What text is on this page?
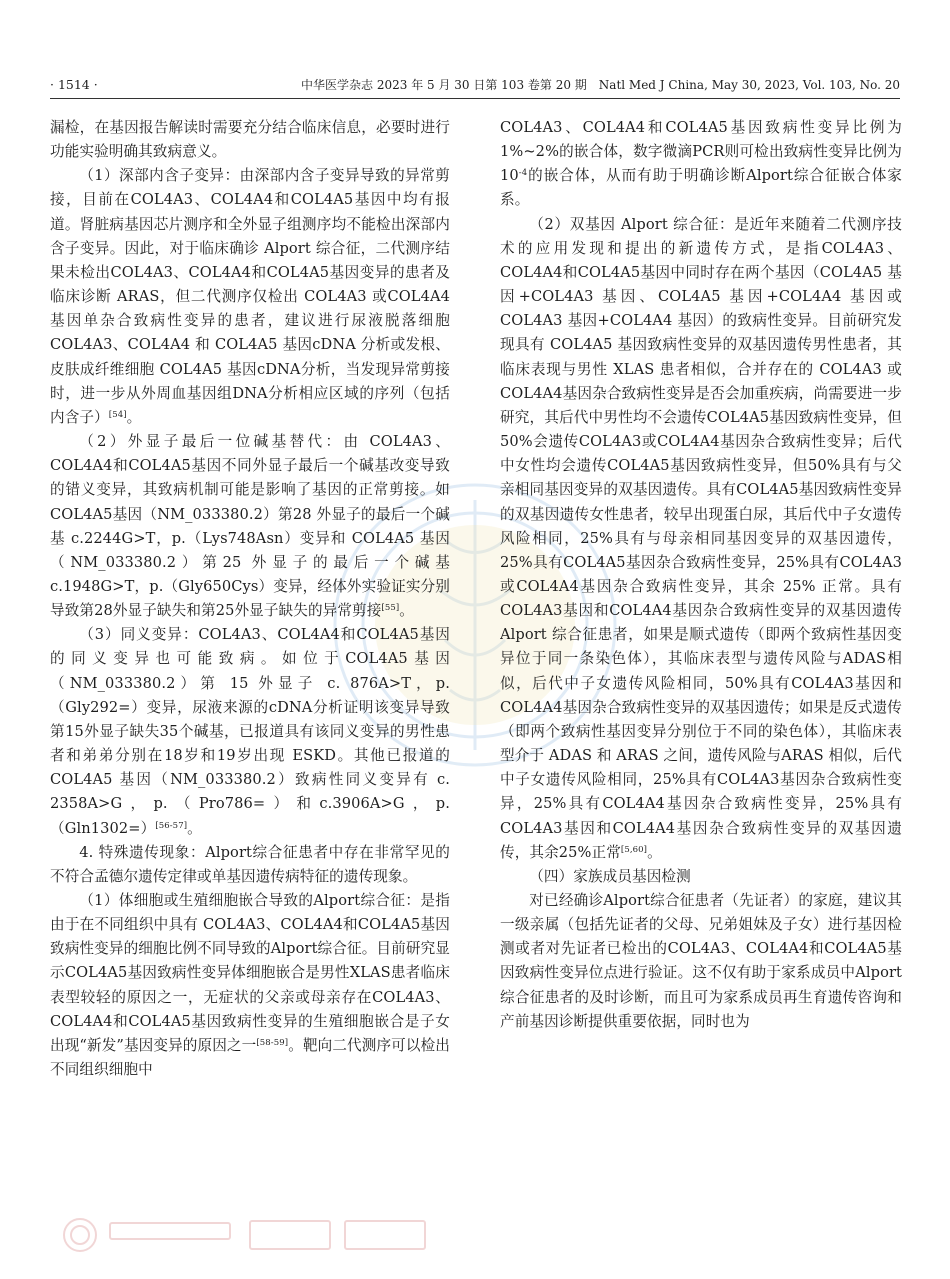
· 1514 ·	中华医学杂志 2023 年 5 月 30 日第 103 卷第 20 期　Natl Med J China, May 30, 2023, Vol. 103, No. 20

漏检，在基因报告解读时需要充分结合临床信息，必要时进行功能实验明确其致病意义。

（1）深部内含子变异：由深部内含子变异导致的异常剪接，目前在COL4A3、COL4A4和COL4A5基因中均有报道。肾脏病基因芯片测序和全外显子组测序均不能检出深部内含子变异。因此，对于临床确诊 Alport 综合征，二代测序结果未检出COL4A3、COL4A4和COL4A5基因变异的患者及临床诊断 ARAS，但二代测序仅检出 COL4A3 或COL4A4基因单杂合致病性变异的患者，建议进行尿液脱落细胞 COL4A3、COL4A4 和 COL4A5 基因cDNA 分析或发根、皮肤成纤维细胞 COL4A5 基因cDNA分析，当发现异常剪接时，进一步从外周血基因组DNA分析相应区域的序列（包括内含子）[54]。

（2）外显子最后一位碱基替代：由 COL4A3、COL4A4和COL4A5基因不同外显子最后一个碱基改变导致的错义变异，其致病机制可能是影响了基因的正常剪接。如COL4A5基因（NM_033380.2）第28 外显子的最后一个碱基 c.2244G>T，p.（Lys748Asn）变异和 COL4A5 基因（NM_033380.2）第25 外显子的最后一个碱基 c.1948G>T，p.（Gly650Cys）变异，经体外实验证实分别导致第28外显子缺失和第25外显子缺失的异常剪接[55]。

（3）同义变异：COL4A3、COL4A4和COL4A5基因的同义变异也可能致病。如位于COL4A5基因（NM_033380.2）第 15 外显子 c. 876A>T，p.（Gly292=）变异，尿液来源的cDNA分析证明该变异导致第15外显子缺失35个碱基，已报道具有该同义变异的男性患者和弟弟分别在18岁和19岁出现 ESKD。其他已报道的 COL4A5 基因（NM_033380.2）致病性同义变异有 c. 2358A>G，p.（Pro786=）和c.3906A>G，p.（Gln1302=）[56-57]。

4. 特殊遗传现象：Alport综合征患者中存在非常罕见的不符合孟德尔遗传定律或单基因遗传病特征的遗传现象。

（1）体细胞或生殖细胞嵌合导致的Alport综合征：是指由于在不同组织中具有 COL4A3、COL4A4和COL4A5基因致病性变异的细胞比例不同导致的Alport综合征。目前研究显示COL4A5基因致病性变异体细胞嵌合是男性XLAS患者临床表型较轻的原因之一，无症状的父亲或母亲存在COL4A3、COL4A4和COL4A5基因致病性变异的生殖细胞嵌合是子女出现“新发”基因变异的原因之一[58-59]。靶向二代测序可以检出不同组织细胞中

COL4A3、COL4A4和COL4A5基因致病性变异比例为1%~2%的嵌合体，数字微滴PCR则可检出致病性变异比例为$10^{-4}$的嵌合体，从而有助于明确诊断Alport综合征嵌合体家系。

（2）双基因 Alport 综合征：是近年来随着二代测序技术的应用发现和提出的新遗传方式，是指COL4A3、COL4A4和COL4A5基因中同时存在两个基因（COL4A5 基因+COL4A3 基因、COL4A5 基因+COL4A4 基因或 COL4A3 基因+COL4A4 基因）的致病性变异。目前研究发现具有 COL4A5 基因致病性变异的双基因遗传男性患者，其临床表现与男性 XLAS 患者相似，合并存在的 COL4A3 或COL4A4基因杂合致病性变异是否会加重疾病，尚需要进一步研究，其后代中男性均不会遗传COL4A5基因致病性变异，但50%会遗传COL4A3或COL4A4基因杂合致病性变异；后代中女性均会遗传COL4A5基因致病性变异，但50%具有与父亲相同基因变异的双基因遗传。具有COL4A5基因致病性变异的双基因遗传女性患者，较早出现蛋白尿，其后代中子女遗传风险相同，25%具有与母亲相同基因变异的双基因遗传，25%具有COL4A5基因杂合致病性变异，25%具有COL4A3或COL4A4基因杂合致病性变异，其余 25% 正常。具有COL4A3基因和COL4A4基因杂合致病性变异的双基因遗传 Alport 综合征患者，如果是顺式遗传（即两个致病性基因变异位于同一条染色体），其临床表型与遗传风险与ADAS相似，后代中子女遗传风险相同，50%具有COL4A3基因和COL4A4基因杂合致病性变异的双基因遗传；如果是反式遗传（即两个致病性基因变异分别位于不同的染色体），其临床表型介于 ADAS 和 ARAS 之间，遗传风险与ARAS 相似，后代中子女遗传风险相同，25%具有COL4A3基因杂合致病性变异，25%具有COL4A4基因杂合致病性变异，25%具有COL4A3基因和COL4A4基因杂合致病性变异的双基因遗传，其余25%正常[5,60]。

（四）家族成员基因检测

对已经确诊Alport综合征患者（先证者）的家庭，建议其一级亲属（包括先证者的父母、兄弟姐妹及子女）进行基因检测或者对先证者已检出的COL4A3、COL4A4和COL4A5基因致病性变异位点进行验证。这不仅有助于家系成员中Alport综合征患者的及时诊断，而且可为家系成员再生育遗传咨询和产前基因诊断提供重要依据，同时也为
